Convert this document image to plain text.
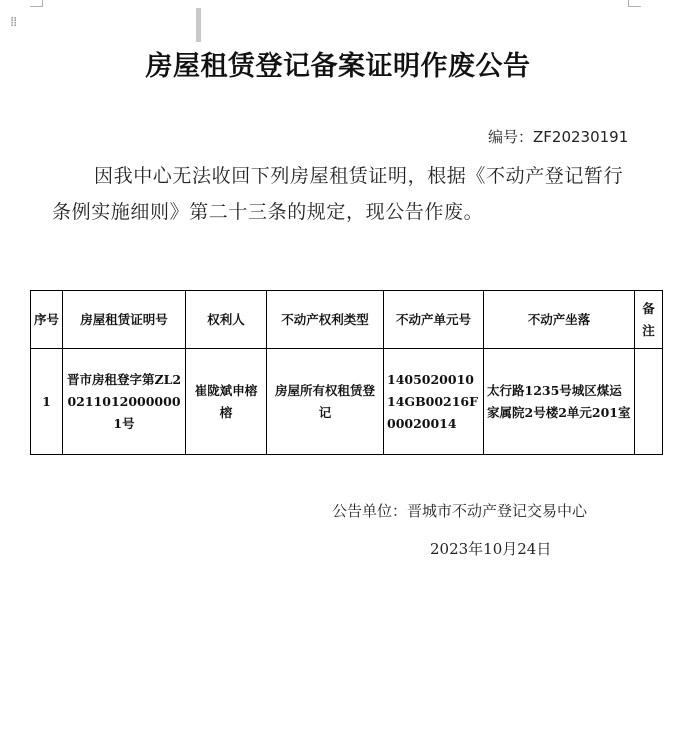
⁞⁞
房屋租赁登记备案证明作废公告
编号：ZF20230191

因我中心无法收回下列房屋租赁证明，根据《不动产登记暂行条例实施细则》第二十三条的规定，现公告作废。

序号	房屋租赁证明号	权利人	不动产权利类型	不动产单元号	不动产坐落	备注
1	晋市房租登字第ZL202110120000001号	崔陇斌申榕榕	房屋所有权租赁登记	140502001014GB00216F00020014	太行路1235号城区煤运家属院2号楼2单元201室	
公告单位：晋城市不动产登记交易中心
2023年10月24日
